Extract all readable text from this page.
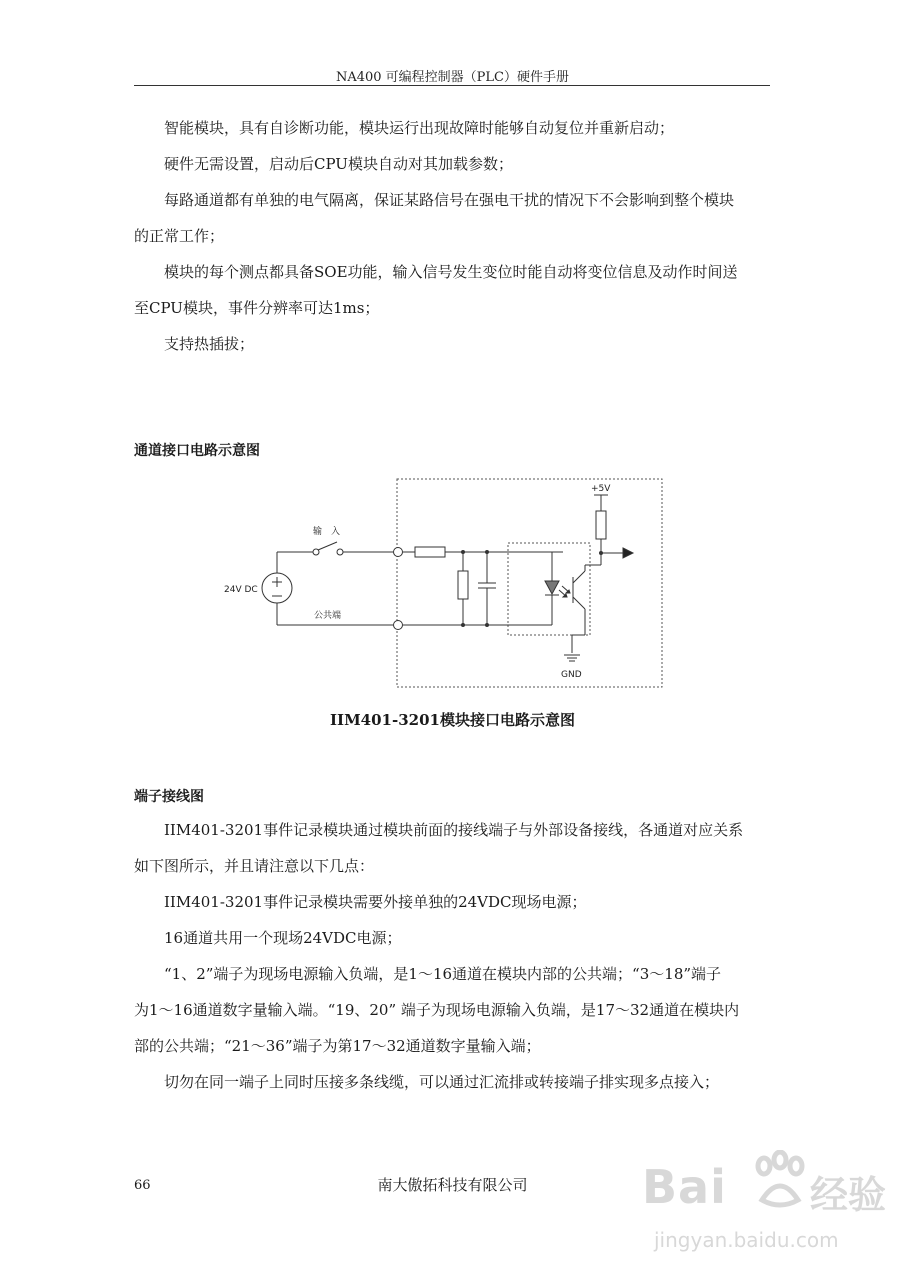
NA400 可编程控制器（PLC）硬件手册

　　智能模块，具有自诊断功能，模块运行出现故障时能够自动复位并重新启动；

　　硬件无需设置，启动后CPU模块自动对其加载参数；

　　每路通道都有单独的电气隔离，保证某路信号在强电干扰的情况下不会影响到整个模块
的正常工作；

　　模块的每个测点都具备SOE功能，输入信号发生变位时能自动将变位信息及动作时间送
至CPU模块，事件分辨率可达1ms；

　　支持热插拔；

通道接口电路示意图
+5V
输　入
24V DC
公共端
GND
IIM401-3201模块接口电路示意图
端子接线图

　　IIM401-3201事件记录模块通过模块前面的接线端子与外部设备接线，各通道对应关系
如下图所示，并且请注意以下几点：

　　IIM401-3201事件记录模块需要外接单独的24VDC现场电源；

　　16通道共用一个现场24VDC电源；

　　“1、2”端子为现场电源输入负端，是1～16通道在模块内部的公共端；“3～18”端子
为1～16通道数字量输入端。“19、20” 端子为现场电源输入负端，是17～32通道在模块内
部的公共端；“21～36”端子为第17～32通道数字量输入端；

　　切勿在同一端子上同时压接多条线缆，可以通过汇流排或转接端子排实现多点接入；

66	南大傲拓科技有限公司	Bai 经验
jingyan.baidu.com
